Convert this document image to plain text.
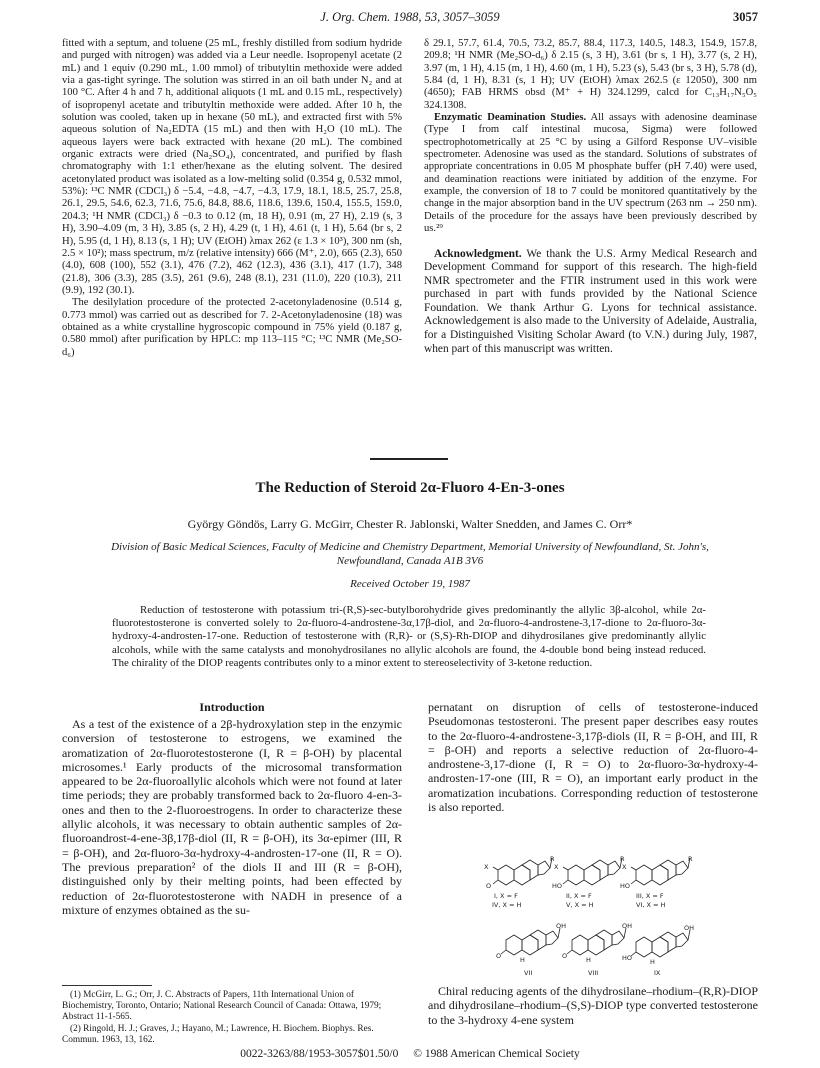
J. Org. Chem. 1988, 53, 3057–3059	3057

fitted with a septum, and toluene (25 mL, freshly distilled from sodium hydride and purged with nitrogen) was added via a Leur needle. Isopropenyl acetate (2 mL) and 1 equiv (0.290 mL, 1.00 mmol) of tributyltin methoxide were added via a gas-tight syringe. The solution was stirred in an oil bath under N₂ and at 100 °C. After 4 h and 7 h, additional aliquots (1 mL and 0.15 mL, respectively) of isopropenyl acetate and tributyltin methoxide were added. After 10 h, the solution was cooled, taken up in hexane (50 mL), and extracted first with 5% aqueous solution of Na₂EDTA (15 mL) and then with H₂O (10 mL). The aqueous layers were back extracted with hexane (20 mL). The combined organic extracts were dried (Na₂SO₄), concentrated, and purified by flash chromatography with 1:1 ether/hexane as the eluting solvent. The desired acetonylated product was isolated as a low-melting solid (0.354 g, 0.532 mmol, 53%): ¹³C NMR (CDCl₃) δ −5.4, −4.8, −4.7, −4.3, 17.9, 18.1, 18.5, 25.7, 25.8, 26.1, 29.5, 54.6, 62.3, 71.6, 75.6, 84.8, 88.6, 118.6, 139.6, 150.4, 155.5, 159.0, 204.3; ¹H NMR (CDCl₃) δ −0.3 to 0.12 (m, 18 H), 0.91 (m, 27 H), 2.19 (s, 3 H), 3.90–4.09 (m, 3 H), 3.85 (s, 2 H), 4.29 (t, 1 H), 4.61 (t, 1 H), 5.64 (br s, 2 H), 5.95 (d, 1 H), 8.13 (s, 1 H); UV (EtOH) λmax 262 (ε 1.3 × 10³), 300 nm (sh, 2.5 × 10²); mass spectrum, m/z (relative intensity) 666 (M⁺, 2.0), 665 (2.3), 650 (4.0), 608 (100), 552 (3.1), 476 (7.2), 462 (12.3), 436 (3.1), 417 (1.7), 348 (21.8), 306 (3.3), 285 (3.5), 261 (9.6), 248 (8.1), 231 (11.0), 220 (10.3), 211 (9.9), 192 (30.1).

The desilylation procedure of the protected 2-acetonyladenosine (0.514 g, 0.773 mmol) was carried out as described for 7. 2-Acetonyladenosine (18) was obtained as a white crystalline hygroscopic compound in 75% yield (0.187 g, 0.580 mmol) after purification by HPLC: mp 113–115 °C; ¹³C NMR (Me₂SO-d₆)

δ 29.1, 57.7, 61.4, 70.5, 73.2, 85.7, 88.4, 117.3, 140.5, 148.3, 154.9, 157.8, 209.8; ¹H NMR (Me₂SO-d₆) δ 2.15 (s, 3 H), 3.61 (br s, 1 H), 3.77 (s, 2 H), 3.97 (m, 1 H), 4.15 (m, 1 H), 4.60 (m, 1 H), 5.23 (s), 5.43 (br s, 3 H), 5.78 (d), 5.84 (d, 1 H), 8.31 (s, 1 H); UV (EtOH) λmax 262.5 (ε 12050), 300 nm (4650); FAB HRMS obsd (M⁺ + H) 324.1299, calcd for C₁₃H₁₇N₅O₅ 324.1308.

Enzymatic Deamination Studies. All assays with adenosine deaminase (Type I from calf intestinal mucosa, Sigma) were followed spectrophotometrically at 25 °C by using a Gilford Response UV–visible spectrometer. Adenosine was used as the standard. Solutions of substrates of appropriate concentrations in 0.05 M phosphate buffer (pH 7.40) were used, and deamination reactions were initiated by addition of the enzyme. For example, the conversion of 18 to 7 could be monitored quantitatively by the change in the major absorption band in the UV spectrum (263 nm → 250 nm). Details of the procedure for the assays have been previously described by us.²⁹

Acknowledgment. We thank the U.S. Army Medical Research and Development Command for support of this research. The high-field NMR spectrometer and the FTIR instrument used in this work were purchased in part with funds provided by the National Science Foundation. We thank Arthur G. Lyons for technical assistance. Acknowledgement is also made to the University of Adelaide, Australia, for a Distinguished Visiting Scholar Award (to V.N.) during July, 1987, when part of this manuscript was written.

The Reduction of Steroid 2α-Fluoro 4-En-3-ones
György Göndös, Larry G. McGirr, Chester R. Jablonski, Walter Snedden, and James C. Orr*
Division of Basic Medical Sciences, Faculty of Medicine and Chemistry Department, Memorial University of Newfoundland, St. John's, Newfoundland, Canada A1B 3V6
Received October 19, 1987

Reduction of testosterone with potassium tri-(R,S)-sec-butylborohydride gives predominantly the allylic 3β-alcohol, while 2α-fluorotestosterone is converted solely to 2α-fluoro-4-androstene-3α,17β-diol, and 2α-fluoro-4-androstene-3,17-dione to 2α-fluoro-3α-hydroxy-4-androsten-17-one. Reduction of testosterone with (R,R)- or (S,S)-Rh-DIOP and dihydrosilanes give predominantly allylic alcohols, while with the same catalysts and monohydrosilanes no allylic alcohols are found, the 4-double bond being instead reduced. The chirality of the DIOP reagents contributes only to a minor extent to stereoselectivity of 3-ketone reduction.

Introduction

As a test of the existence of a 2β-hydroxylation step in the enzymic conversion of testosterone to estrogens, we examined the aromatization of 2α-fluorotestosterone (I, R = β-OH) by placental microsomes.¹ Early products of the microsomal transformation appeared to be 2α-fluoroallylic alcohols which were not found at later time periods; they are probably transformed back to 2α-fluoro 4-en-3-ones and then to the 2-fluoroestrogens. In order to characterize these allylic alcohols, it was necessary to obtain authentic samples of 2α-fluoroandrost-4-ene-3β,17β-diol (II, R = β-OH), its 3α-epimer (III, R = β-OH), and 2α-fluoro-3α-hydroxy-4-androsten-17-one (II, R = O). The previous preparation² of the diols II and III (R = β-OH), distinguished only by their melting points, had been effected by reduction of 2α-fluorotestosterone with NADH in presence of a mixture of enzymes obtained as the su-

pernatant on disruption of cells of testosterone-induced Pseudomonas testosteroni. The present paper describes easy routes to the 2α-fluoro-4-androstene-3,17β-diols (II, R = β-OH, and III, R = β-OH) and reports a selective reduction of 2α-fluoro-4-androstene-3,17-dione (I, R = O) to 2α-fluoro-3α-hydroxy-4-androsten-17-one (III, R = O), an important early product in the aromatization incubations. Corresponding reduction of testosterone is also reported.

R	R	R
X	X	X
O	HO	HO
I, X = F	II, X = F	III, X = F
IV, X = H	V, X = H	VI, X = H
OH	OH	OH
O	O	HO
H	H	H
VII	VIII	IX

Chiral reducing agents of the dihydrosilane–rhodium–(R,R)-DIOP and dihydrosilane–rhodium–(S,S)-DIOP type converted testosterone to the 3-hydroxy 4-ene system

(1) McGirr, L. G.; Orr, J. C. Abstracts of Papers, 11th International Union of Biochemistry, Toronto, Ontario; National Research Council of Canada: Ottawa, 1979; Abstract 11-1-565.

(2) Ringold, H. J.; Graves, J.; Hayano, M.; Lawrence, H. Biochem. Biophys. Res. Commun. 1963, 13, 162.

0022-3263/88/1953-3057$01.50/0 © 1988 American Chemical Society
